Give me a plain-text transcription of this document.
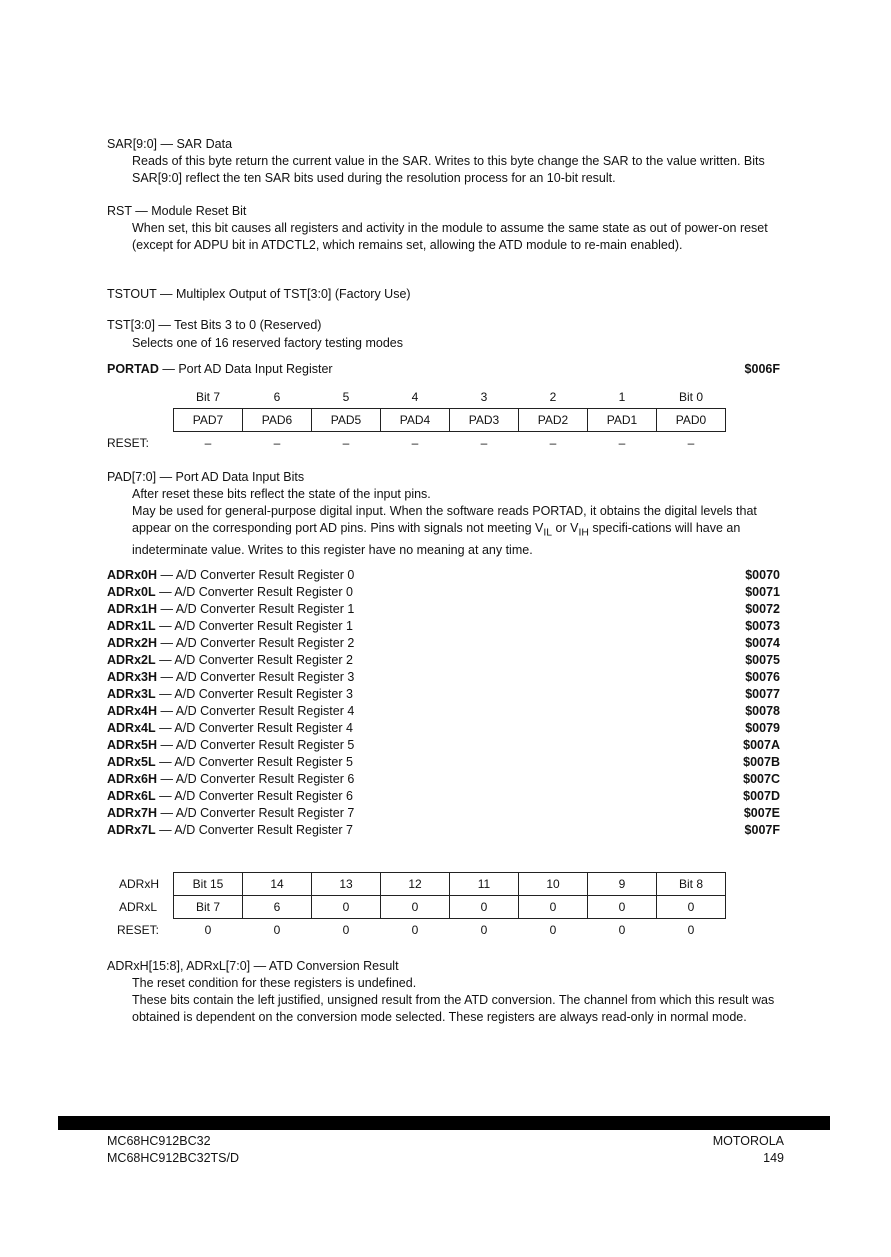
SAR[9:0] — SAR Data
Reads of this byte return the current value in the SAR. Writes to this byte change the SAR to the value written. Bits SAR[9:0] reflect the ten SAR bits used during the resolution process for an 10-bit result.
RST — Module Reset Bit
When set, this bit causes all registers and activity in the module to assume the same state as out of power-on reset (except for ADPU bit in ATDCTL2, which remains set, allowing the ATD module to re-main enabled).
TSTOUT — Multiplex Output of TST[3:0] (Factory Use)
TST[3:0] — Test Bits 3 to 0 (Reserved)
Selects one of 16 reserved factory testing modes
PORTAD — Port AD Data Input Register	$006F
	Bit 7	6	5	4	3	2	1	Bit 0
	PAD7	PAD6	PAD5	PAD4	PAD3	PAD2	PAD1	PAD0
RESET:	–	–	–	–	–	–	–	–
PAD[7:0] — Port AD Data Input Bits
After reset these bits reflect the state of the input pins.
May be used for general-purpose digital input. When the software reads PORTAD, it obtains the digital levels that appear on the corresponding port AD pins. Pins with signals not meeting $V_{IL}$ or $V_{IH}$ specifi-cations will have an indeterminate value. Writes to this register have no meaning at any time.
ADRx0H — A/D Converter Result Register 0	$0070
ADRx0L — A/D Converter Result Register 0	$0071
ADRx1H — A/D Converter Result Register 1	$0072
ADRx1L — A/D Converter Result Register 1	$0073
ADRx2H — A/D Converter Result Register 2	$0074
ADRx2L — A/D Converter Result Register 2	$0075
ADRx3H — A/D Converter Result Register 3	$0076
ADRx3L — A/D Converter Result Register 3	$0077
ADRx4H — A/D Converter Result Register 4	$0078
ADRx4L — A/D Converter Result Register 4	$0079
ADRx5H — A/D Converter Result Register 5	$007A
ADRx5L — A/D Converter Result Register 5	$007B
ADRx6H — A/D Converter Result Register 6	$007C
ADRx6L — A/D Converter Result Register 6	$007D
ADRx7H — A/D Converter Result Register 7	$007E
ADRx7L — A/D Converter Result Register 7	$007F
ADRxH	Bit 15	14	13	12	11	10	9	Bit 8
ADRxL	Bit 7	6	0	0	0	0	0	0
RESET:	0	0	0	0	0	0	0	0
ADRxH[15:8], ADRxL[7:0] — ATD Conversion Result
The reset condition for these registers is undefined.
These bits contain the left justified, unsigned result from the ATD conversion. The channel from which this result was obtained is dependent on the conversion mode selected. These registers are always read-only in normal mode.
MC68HC912BC32
MC68HC912BC32TS/D
MOTOROLA
149
